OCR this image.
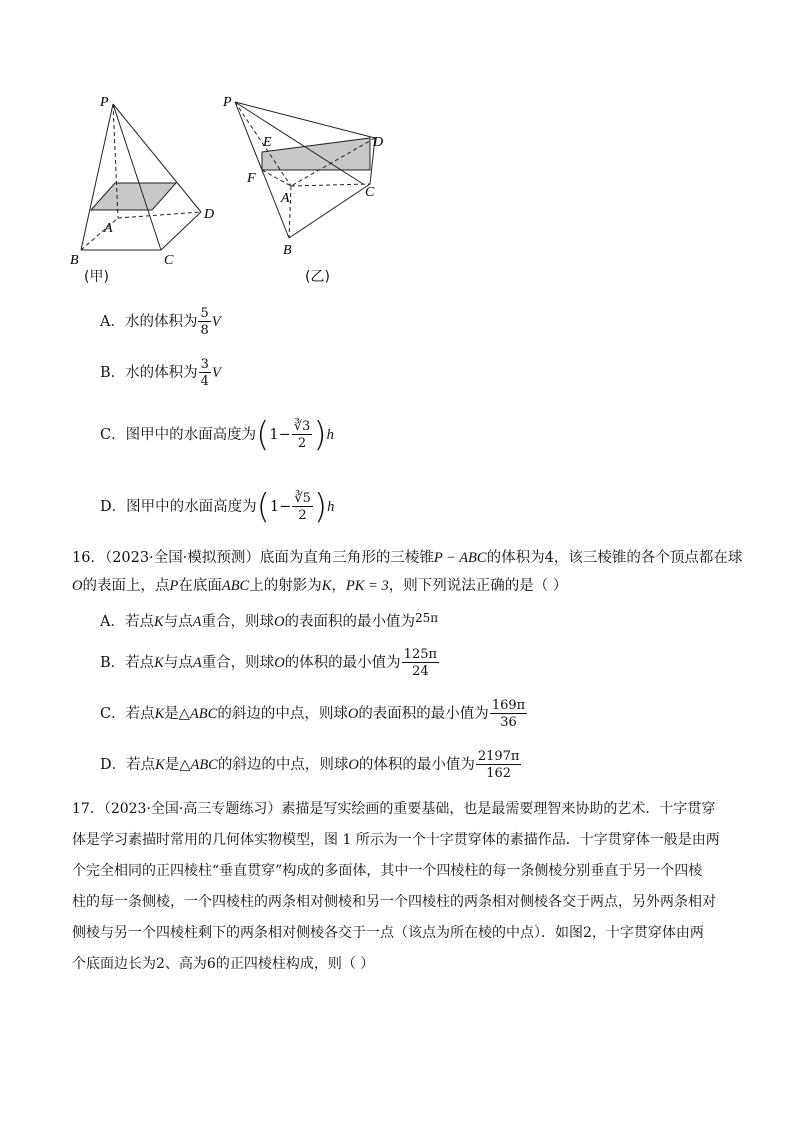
P
A
B	C
D
(甲)
P
E	D
F
A	C
B
(乙)
A．水的体积为 $\frac{5}{8}$ V
B．水的体积为 $\frac{3}{4}$ V
C．图甲中的水面高度为$(1- \frac{∛3}{2} )h$
D．图甲中的水面高度为$(1- \frac{∛5}{2} )h$
16．（2023·全国·模拟预测）底面为直角三角形的三棱锥P − ABC的体积为4，该三棱锥的各个顶点都在球
O的表面上，点P在底面ABC上的射影为K，PK = 3，则下列说法正确的是（ ）
A．若点K与点A重合，则球O的表面积的最小值为$^{25\pi}$
B．若点K与点A重合，则球O的体积的最小值为 $\frac{125\pi}{24}$
C．若点K是△ABC的斜边的中点，则球O的表面积的最小值为 $\frac{169\pi}{36}$
D．若点K是△ABC的斜边的中点，则球O的体积的最小值为 $\frac{2197\pi}{162}$
17．（2023·全国·高三专题练习）素描是写实绘画的重要基础，也是最需要理智来协助的艺术．十字贯穿
体是学习素描时常用的几何体实物模型，图 1 所示为一个十字贯穿体的素描作品．十字贯穿体一般是由两
个完全相同的正四棱柱“垂直贯穿”构成的多面体，其中一个四棱柱的每一条侧棱分别垂直于另一个四棱
柱的每一条侧棱，一个四棱柱的两条相对侧棱和另一个四棱柱的两条相对侧棱各交于两点，另外两条相对
侧棱与另一个四棱柱剩下的两条相对侧棱各交于一点（该点为所在棱的中点）．如图2，十字贯穿体由两
个底面边长为2、高为6的正四棱柱构成，则（ ）
